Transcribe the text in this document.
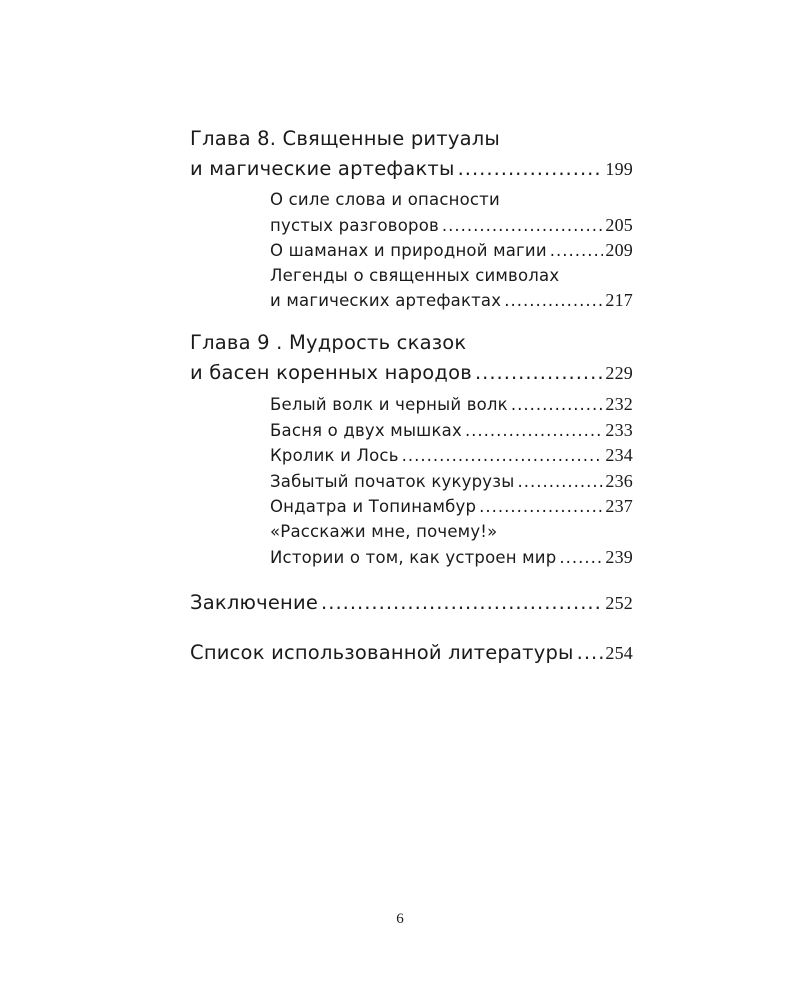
Глава 8. Священные ритуалы
и магические артефакты .....	199
О силе слова и опасности
пустых разговоров .....	205
О шаманах и природной магии .....	209
Легенды о священных символах
и магических артефактах .....	217
Глава 9 . Мудрость сказок
и басен коренных народов .....	229
Белый волк и черный волк .....	232
Басня о двух мышках .....	233
Кролик и Лось .....	234
Забытый початок кукурузы .....	236
Ондатра и Топинамбур .....	237
«Расскажи мне, почему!»
Истории о том, как устроен мир .....	239
Заключение .....	252
Список использованной литературы ..... 254
6
